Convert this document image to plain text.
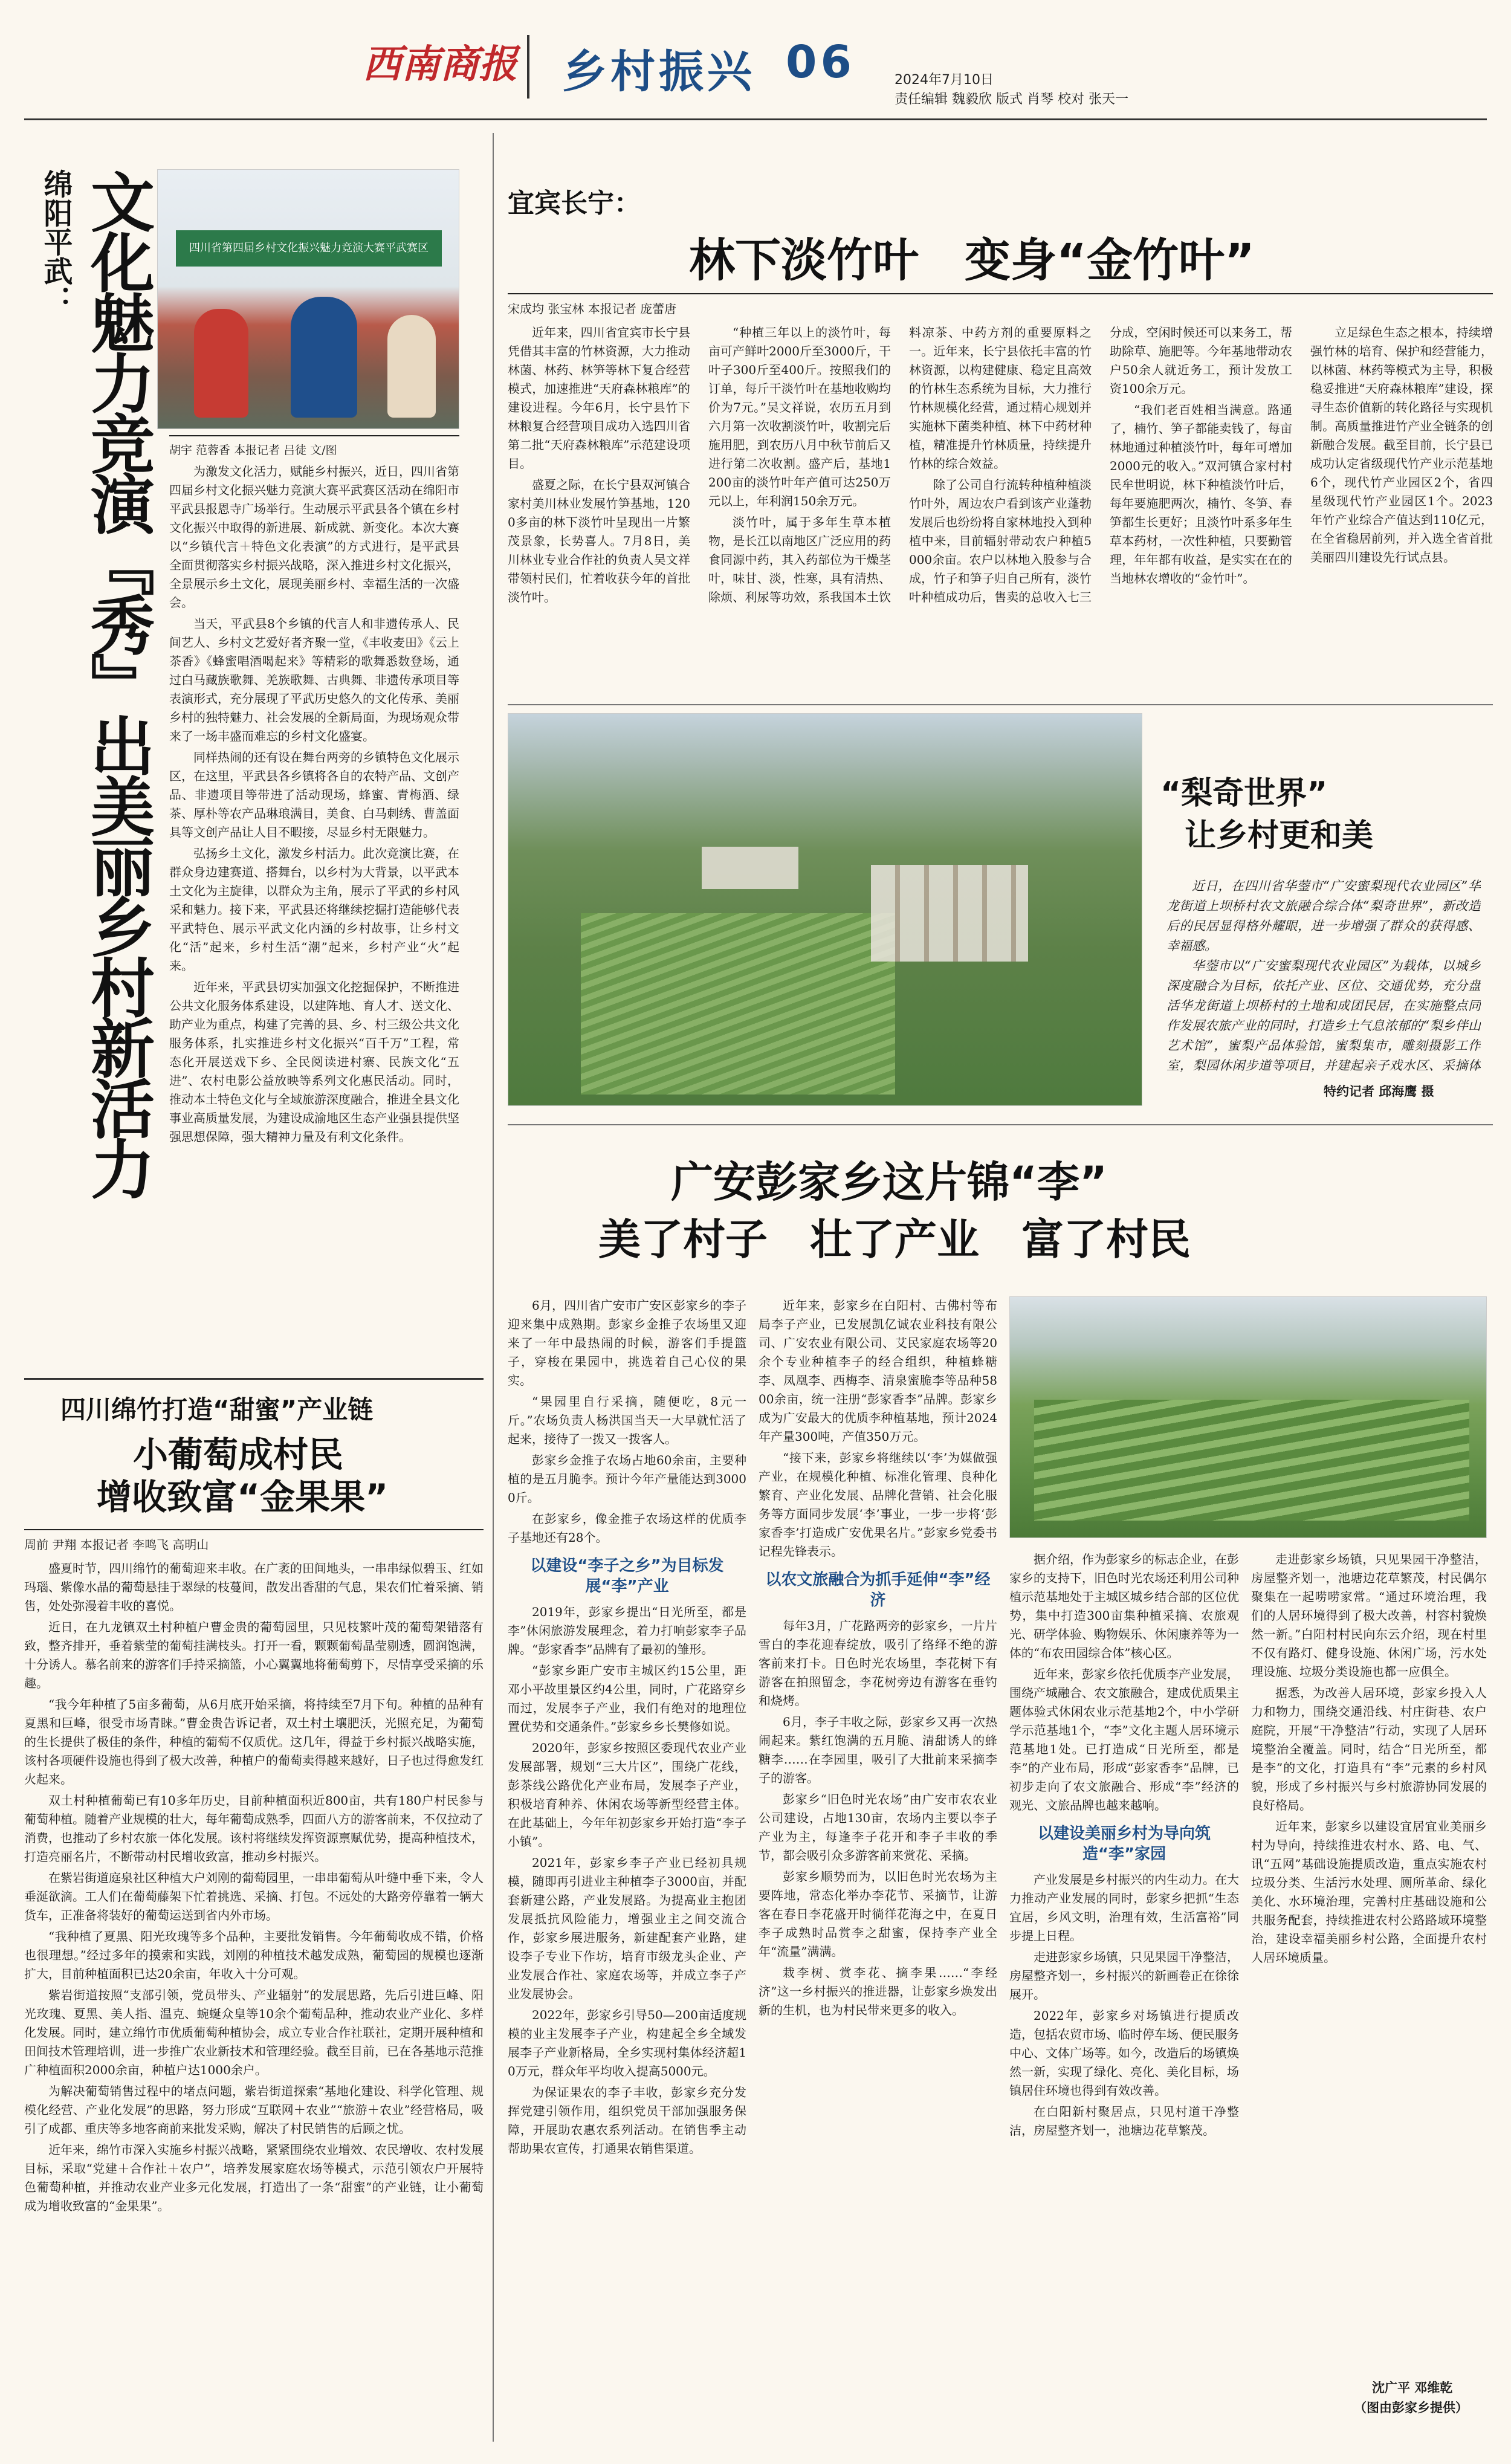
西南商报 乡村振兴 06	2024年7月10日
责任编辑 魏毅欣 版式 肖琴 校对 张天一
四川省第四届乡村文化振兴魅力竞演大赛平武赛区
绵阳平武： 文化魅力竞演『秀』出美丽乡村新活力 胡宇 范蓉香 本报记者 吕徒 文/图

为激发文化活力，赋能乡村振兴，近日，四川省第四届乡村文化振兴魅力竞演大赛平武赛区活动在绵阳市平武县报恩寺广场举行。生动展示平武县各个镇在乡村文化振兴中取得的新进展、新成就、新变化。本次大赛以“乡镇代言＋特色文化表演”的方式进行，是平武县全面贯彻落实乡村振兴战略，深入推进乡村文化振兴，全景展示乡土文化，展现美丽乡村、幸福生活的一次盛会。

当天，平武县8个乡镇的代言人和非遗传承人、民间艺人、乡村文艺爱好者齐聚一堂，《丰收麦田》《云上茶香》《蜂蜜唱酒喝起来》等精彩的歌舞悉数登场，通过白马藏族歌舞、羌族歌舞、古典舞、非遗传承项目等表演形式，充分展现了平武历史悠久的文化传承、美丽乡村的独特魅力、社会发展的全新局面，为现场观众带来了一场丰盛而难忘的乡村文化盛宴。

同样热闹的还有设在舞台两旁的乡镇特色文化展示区，在这里，平武县各乡镇将各自的农特产品、文创产品、非遗项目等带进了活动现场，蜂蜜、青梅酒、绿茶、厚朴等农产品琳琅满目，美食、白马刺绣、曹盖面具等文创产品让人目不暇接，尽显乡村无限魅力。

弘扬乡土文化，激发乡村活力。此次竞演比赛，在群众身边建赛道、搭舞台，以乡村为大背景，以平武本土文化为主旋律，以群众为主角，展示了平武的乡村风采和魅力。接下来，平武县还将继续挖掘打造能够代表平武特色、展示平武文化内涵的乡村故事，让乡村文化“活”起来，乡村生活“潮”起来，乡村产业“火”起来。

近年来，平武县切实加强文化挖掘保护，不断推进公共文化服务体系建设，以建阵地、育人才、送文化、助产业为重点，构建了完善的县、乡、村三级公共文化服务体系，扎实推进乡村文化振兴“百千万”工程，常态化开展送戏下乡、全民阅读进村寨、民族文化“五进”、农村电影公益放映等系列文化惠民活动。同时，推动本土特色文化与全域旅游深度融合，推进全县文化事业高质量发展，为建设成渝地区生态产业强县提供坚强思想保障，强大精神力量及有利文化条件。

宜宾长宁：
林下淡竹叶　变身“金竹叶”
宋成均 张宝林 本报记者 庞蕾唐

近年来，四川省宜宾市长宁县凭借其丰富的竹林资源，大力推动林菌、林药、林笋等林下复合经营模式，加速推进“天府森林粮库”的建设进程。今年6月，长宁县竹下林粮复合经营项目成功入选四川省第二批“天府森林粮库”示范建设项目。

盛夏之际，在长宁县双河镇合家村美川林业发展竹笋基地，1200多亩的林下淡竹叶呈现出一片繁茂景象，长势喜人。7月8日，美川林业专业合作社的负责人吴文祥带领村民们，忙着收获今年的首批淡竹叶。

“种植三年以上的淡竹叶，每亩可产鲜叶2000斤至3000斤，干叶子300斤至400斤。按照我们的订单，每斤干淡竹叶在基地收购均价为7元。”吴文祥说，农历五月到六月第一次收割淡竹叶，收割完后施用肥，到农历八月中秋节前后又进行第二次收割。盛产后，基地1200亩的淡竹叶年产值可达250万元以上，年利润150余万元。

淡竹叶，属于多年生草本植物，是长江以南地区广泛应用的药食同源中药，其入药部位为干燥茎叶，味甘、淡，性寒，具有清热、除烦、利尿等功效，系我国本土饮料凉茶、中药方剂的重要原料之一。近年来，长宁县依托丰富的竹林资源，以构建健康、稳定且高效的竹林生态系统为目标，大力推行竹林规模化经营，通过精心规划并实施林下菌类种植、林下中药材种植，精准提升竹林质量，持续提升竹林的综合效益。

除了公司自行流转种植种植淡竹叶外，周边农户看到该产业蓬勃发展后也纷纷将自家林地投入到种植中来，目前辐射带动农户种植5000余亩。农户以林地入股参与合成，竹子和笋子归自己所有，淡竹叶种植成功后，售卖的总收入七三分成，空闲时候还可以来务工，帮助除草、施肥等。今年基地带动农户50余人就近务工，预计发放工资100余万元。

“我们老百姓相当满意。路通了，楠竹、笋子都能卖钱了，每亩林地通过种植淡竹叶，每年可增加2000元的收入。”双河镇合家村村民牟世明说，林下种植淡竹叶后，每年要施肥两次，楠竹、冬笋、春笋都生长更好；且淡竹叶系多年生草本药材，一次性种植，只要勤管理，年年都有收益，是实实在在的当地林农增收的“金竹叶”。

立足绿色生态之根本，持续增强竹林的培育、保护和经营能力，以林菌、林药等模式为主导，积极稳妥推进“天府森林粮库”建设，探寻生态价值新的转化路径与实现机制。高质量推进竹产业全链条的创新融合发展。截至目前，长宁县已成功认定省级现代竹产业示范基地6个，现代竹产业园区2个，省四星级现代竹产业园区1个。2023年竹产业综合产值达到110亿元，在全省稳居前列，并入选全省首批美丽四川建设先行试点县。

“梨奇世界”
让乡村更和美

近日，在四川省华蓥市“广安蜜梨现代农业园区”华龙街道上坝桥村农文旅融合综合体“梨奇世界”，新改造后的民居显得格外耀眼，进一步增强了群众的获得感、幸福感。

华蓥市以“广安蜜梨现代农业园区”为载体，以城乡深度融合为目标，依托产业、区位、交通优势，充分盘活华龙街道上坝桥村的土地和成团民居，在实施整点同作发展农旅产业的同时，打造乡土气息浓郁的“梨乡伴山艺术馆”，蜜梨产品体验馆，蜜梨集市，雕刻摄影工作室，梨园休闲步道等项目，并建起亲子戏水区、采摘体

特约记者 邱海鹰 摄
广安彭家乡这片锦“李”
美了村子　壮了产业　富了村民

6月，四川省广安市广安区彭家乡的李子迎来集中成熟期。彭家乡金推子农场里又迎来了一年中最热闹的时候，游客们手提篮子，穿梭在果园中，挑选着自己心仪的果实。

“果园里自行采摘，随便吃，8元一斤。”农场负责人杨洪国当天一大早就忙活了起来，接待了一拨又一拨客人。

彭家乡金推子农场占地60余亩，主要种植的是五月脆李。预计今年产量能达到30000斤。

在彭家乡，像金推子农场这样的优质李子基地还有28个。

以建设“李子之乡”为目标发展“李”产业

2019年，彭家乡提出“日光所至，都是李”休闲旅游发展理念，着力打响彭家李子品牌。“彭家香李”品牌有了最初的雏形。

“彭家乡距广安市主城区约15公里，距邓小平故里景区约4公里，同时，广花路穿乡而过，发展李子产业，我们有绝对的地理位置优势和交通条件。”彭家乡乡长樊修如说。

2020年，彭家乡按照区委现代农业产业发展部署，规划“三大片区”，围绕广花线，彭茶线公路优化产业布局，发展李子产业，积极培育种养、休闲农场等新型经营主体。在此基础上，今年年初彭家乡开始打造“李子小镇”。

2021年，彭家乡李子产业已经初具规模，随即再引进业主种植李子3000亩，并配套新建公路，产业发展路。为提高业主抱团发展抵抗风险能力，增强业主之间交流合作，彭家乡展进服务，新建配套产业路，建设李子专业下作坊，培育市级龙头企业、产业发展合作社、家庭农场等，并成立李子产业发展协会。

2022年，彭家乡引导50—200亩适度规模的业主发展李子产业，构建起全乡全域发展李子产业新格局，全乡实现村集体经济超10万元，群众年平均收入提高5000元。

为保证果农的李子丰收，彭家乡充分发挥党建引领作用，组织党员干部加强服务保障，开展助农惠农系列活动。在销售季主动帮助果农宣传，打通果农销售渠道。

近年来，彭家乡在白阳村、古佛村等布局李子产业，已发展凯亿诚农业科技有限公司、广安农业有限公司、艾民家庭农场等20余个专业种植李子的经合组织，种植蜂糖李、凤凰李、西梅李、清泉蜜脆李等品种5800余亩，统一注册“彭家香李”品牌。彭家乡成为广安最大的优质李种植基地，预计2024年产量300吨，产值350万元。

“接下来，彭家乡将继续以‘李’为媒做强产业，在规模化种植、标准化管理、良种化繁育、产业化发展、品牌化营销、社会化服务等方面同步发展‘李’事业，一步一步将‘彭家香李’打造成广安优果名片。”彭家乡党委书记程先锋表示。

以农文旅融合为抓手延伸“李”经济

每年3月，广花路两旁的彭家乡，一片片雪白的李花迎春绽放，吸引了络绎不绝的游客前来打卡。日色时光农场里，李花树下有游客在拍照留念，李花树旁边有游客在垂钓和烧烤。

6月，李子丰收之际，彭家乡又再一次热闹起来。紫红饱满的五月脆、清甜诱人的蜂糖李……在李园里，吸引了大批前来采摘李子的游客。

彭家乡“旧色时光农场”由广安市农农业公司建设，占地130亩，农场内主要以李子产业为主，每逢李子花开和李子丰收的季节，都会吸引众多游客前来赏花、采摘。

彭家乡顺势而为，以旧色时光农场为主要阵地，常态化举办李花节、采摘节，让游客在春日李花盛开时徜徉花海之中，在夏日李子成熟时品赏李之甜蜜，保持李产业全年“流量”满满。

栽李树、赏李花、摘李果……“李经济”这一乡村振兴的推进器，让彭家乡焕发出新的生机，也为村民带来更多的收入。

据介绍，作为彭家乡的标志企业，在彭家乡的支持下，旧色时光农场还利用公司种植示范基地处于主城区城乡结合部的区位优势，集中打造300亩集种植采摘、农旅观光、研学体验、购物娱乐、休闲康养等为一体的“布农田园综合体”核心区。

近年来，彭家乡依托优质李产业发展，围绕产城融合、农文旅融合，建成优质果主题体验式休闲农业示范基地2个，中小学研学示范基地1个，“李”文化主题人居环境示范基地1处。已打造成“日光所至，都是李”的产业布局，形成“彭家香李”品牌，已初步走向了农文旅融合、形成“李”经济的观光、文旅品牌也越来越响。

以建设美丽乡村为导向筑造“李”家园

产业发展是乡村振兴的内生动力。在大力推动产业发展的同时，彭家乡把抓“生态宜居，乡风文明，治理有效，生活富裕”同步提上日程。

走进彭家乡场镇，只见果园干净整洁，房屋整齐划一，乡村振兴的新画卷正在徐徐展开。

2022年，彭家乡对场镇进行提质改造，包括农贸市场、临时停车场、便民服务中心、文体广场等。如今，改造后的场镇焕然一新，实现了绿化、亮化、美化目标，场镇居住环境也得到有效改善。

在白阳新村聚居点，只见村道干净整洁，房屋整齐划一，池塘边花草繁茂。

走进彭家乡场镇，只见果园干净整洁，房屋整齐划一，池塘边花草繁茂，村民偶尔聚集在一起唠唠家常。“通过环境治理，我们的人居环境得到了极大改善，村容村貌焕然一新。”白阳村村民向东云介绍，现在村里不仅有路灯、健身设施、休闲广场，污水处理设施、垃圾分类设施也都一应俱全。

据悉，为改善人居环境，彭家乡投入人力和物力，围绕交通沿线、村庄街巷、农户庭院，开展“干净整洁”行动，实现了人居环境整治全覆盖。同时，结合“日光所至，都是李”的文化，打造具有“李”元素的乡村风貌，形成了乡村振兴与乡村旅游协同发展的良好格局。

近年来，彭家乡以建设宜居宜业美丽乡村为导向，持续推进农村水、路、电、气、讯“五网”基础设施提质改造，重点实施农村垃圾分类、生活污水处理、厕所革命、绿化美化、水环境治理，完善村庄基础设施和公共服务配套，持续推进农村公路路域环境整治，建设幸福美丽乡村公路，全面提升农村人居环境质量。

沈广平 邓维乾
（图由彭家乡提供）
四川绵竹打造“甜蜜”产业链
小葡萄成村民
增收致富“金果果”
周前 尹翔 本报记者 李鸣飞 高明山

盛夏时节，四川绵竹的葡萄迎来丰收。在广袤的田间地头，一串串绿似碧玉、红如玛瑙、紫像水晶的葡萄悬挂于翠绿的枝蔓间，散发出香甜的气息，果农们忙着采摘、销售，处处弥漫着丰收的喜悦。

近日，在九龙镇双土村种植户曹金贵的葡萄园里，只见枝繁叶茂的葡萄架错落有致，整齐排开，垂着紫莹的葡萄挂满枝头。打开一看，颗颗葡萄晶莹剔透，圆润饱满，十分诱人。慕名前来的游客们手持采摘篮，小心翼翼地将葡萄剪下，尽情享受采摘的乐趣。

“我今年种植了5亩多葡萄，从6月底开始采摘，将持续至7月下旬。种植的品种有夏黑和巨峰，很受市场青睐。”曹金贵告诉记者，双土村土壤肥沃，光照充足，为葡萄的生长提供了极佳的条件，种植的葡萄不仅质优。这几年，得益于乡村振兴战略实施，该村各项硬件设施也得到了极大改善，种植户的葡萄卖得越来越好，日子也过得愈发红火起来。

双土村种植葡萄已有10多年历史，目前种植面积近800亩，共有180户村民参与葡萄种植。随着产业规模的壮大，每年葡萄成熟季，四面八方的游客前来，不仅拉动了消费，也推动了乡村农旅一体化发展。该村将继续发挥资源禀赋优势，提高种植技术，打造亮丽名片，不断带动村民增收致富，推动乡村振兴。

在紫岩街道庭泉社区种植大户刘刚的葡萄园里，一串串葡萄从叶缝中垂下来，令人垂涎欲滴。工人们在葡萄藤架下忙着挑选、采摘、打包。不远处的大路旁停靠着一辆大货车，正准备将装好的葡萄运送到省内外市场。

“我种植了夏黑、阳光玫瑰等多个品种，主要批发销售。今年葡萄收成不错，价格也很理想。”经过多年的摸索和实践，刘刚的种植技术越发成熟，葡萄园的规模也逐渐扩大，目前种植面积已达20余亩，年收入十分可观。

紫岩街道按照“支部引领，党员带头、产业辐射”的发展思路，先后引进巨峰、阳光玫瑰、夏黑、美人指、温克、蜿蜒众皇等10余个葡萄品种，推动农业产业化、多样化发展。同时，建立绵竹市优质葡萄种植协会，成立专业合作社联社，定期开展种植和田间技术管理培训，进一步推广农业新技术和管理经验。截至目前，已在各基地示范推广种植面积2000余亩，种植户达1000余户。

为解决葡萄销售过程中的堵点问题，紫岩街道探索“基地化建设、科学化管理、规模化经营、产业化发展”的思路，努力形成“互联网＋农业”“旅游＋农业”经营格局，吸引了成都、重庆等多地客商前来批发采购，解决了村民销售的后顾之忧。

近年来，绵竹市深入实施乡村振兴战略，紧紧围绕农业增效、农民增收、农村发展目标，采取“党建＋合作社＋农户”，培养发展家庭农场等模式，示范引领农户开展特色葡萄种植，并推动农业产业多元化发展，打造出了一条“甜蜜”的产业链，让小葡萄成为增收致富的“金果果”。
